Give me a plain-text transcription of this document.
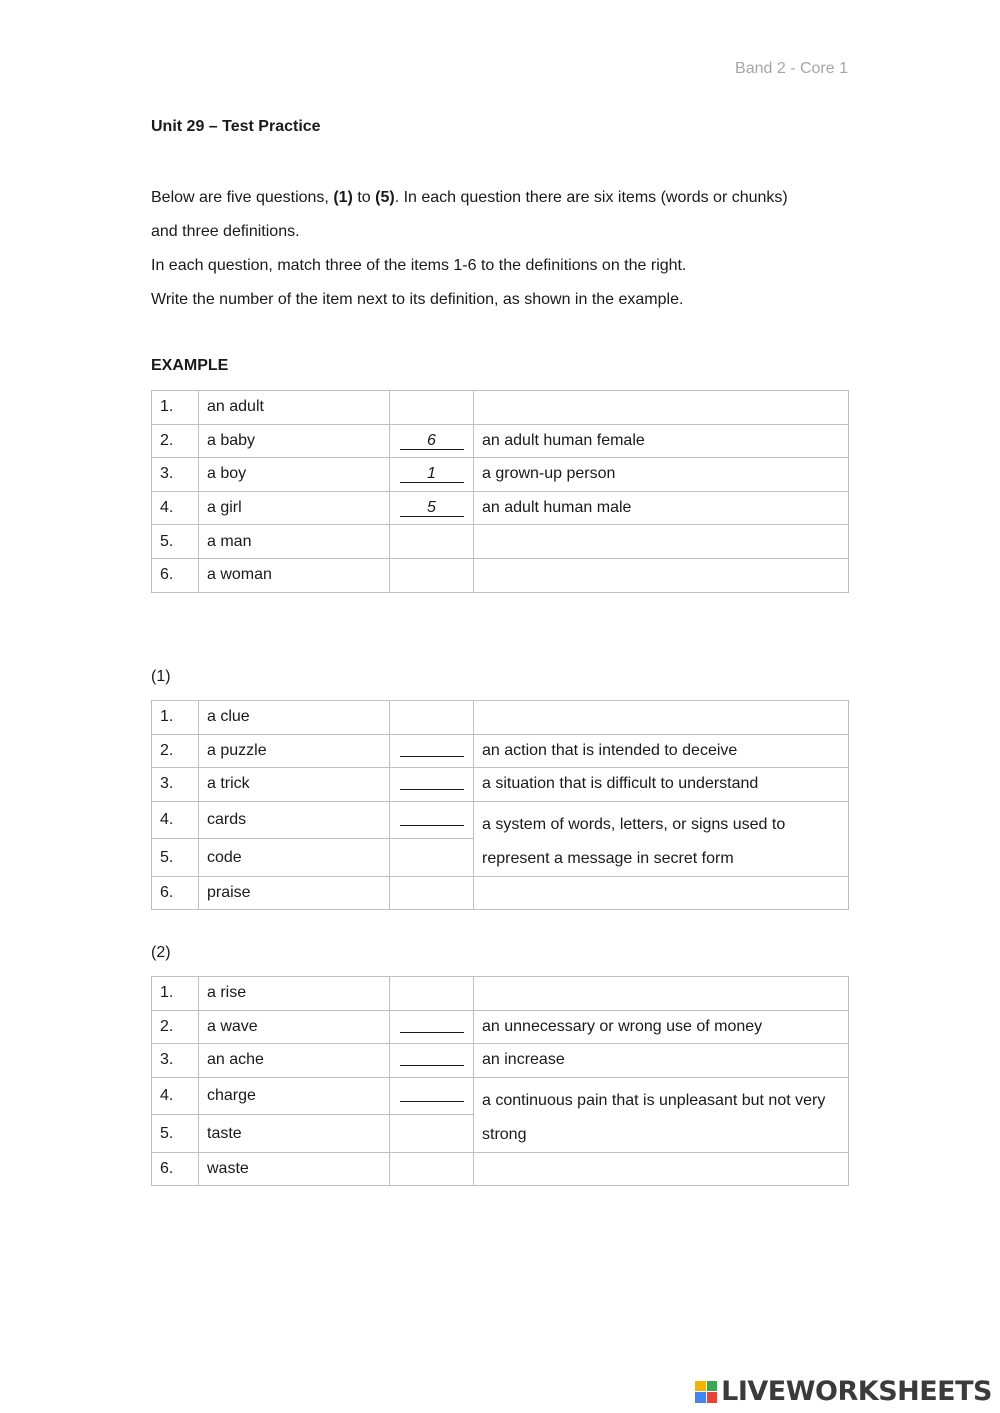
Band 2 - Core 1
Unit 29 – Test Practice
Below are five questions, (1) to (5). In each question there are six items (words or chunks)
and three definitions.
In each question, match three of the items 1-6 to the definitions on the right.
Write the number of the item next to its definition, as shown in the example.
EXAMPLE
1.	an adult		
2.	a baby	6	an adult human female
3.	a boy	1	a grown-up person
4.	a girl	5	an adult human male
5.	a man		
6.	a woman		
(1)
1.	a clue		
2.	a puzzle		an action that is intended to deceive
3.	a trick		a situation that is difficult to understand
4.	cards		a system of words, letters, or signs used to represent a message in secret form
5.	code		
6.	praise		
(2)
1.	a rise		
2.	a wave		an unnecessary or wrong use of money
3.	an ache		an increase
4.	charge		a continuous pain that is unpleasant but not very strong
5.	taste		
6.	waste		
LIVEWORKSHEETS
